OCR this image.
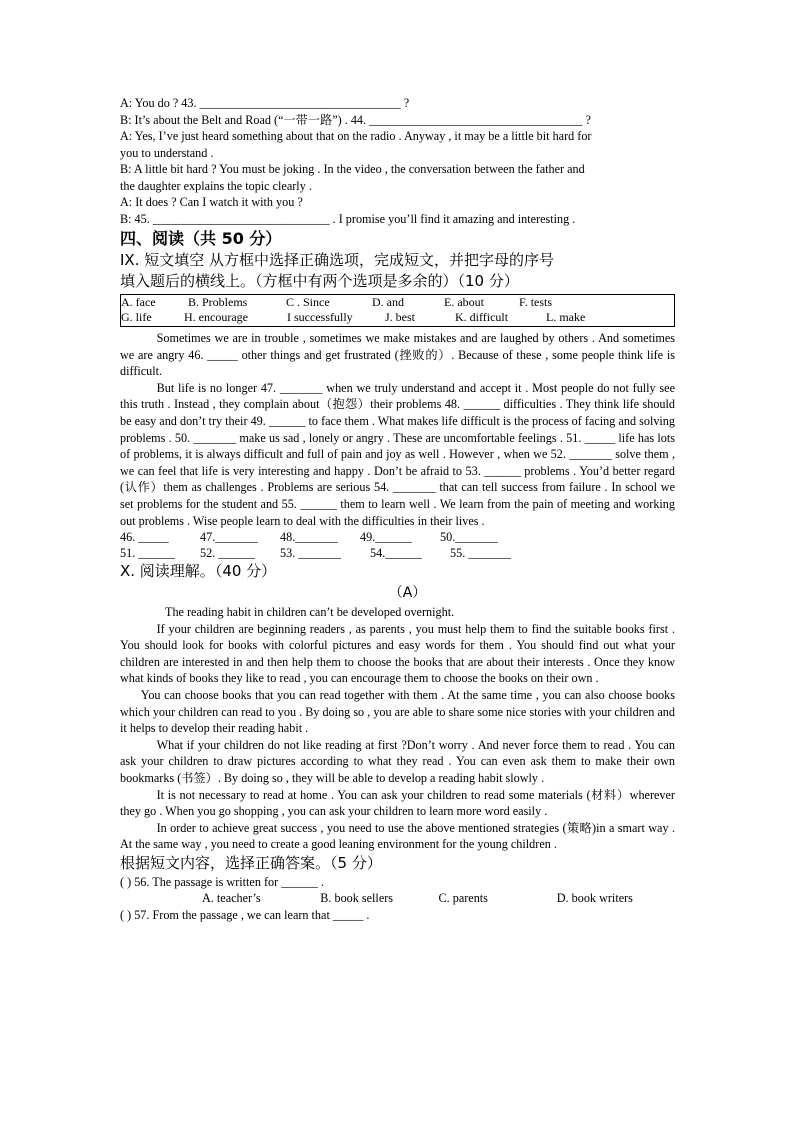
A: You do ? 43. _________________________________ ?
B: It’s about the Belt and Road (“一带一路”) . 44. ___________________________________ ?
A: Yes, I’ve just heard something about that on the radio . Anyway , it may be a little bit hard for
you to understand .
B: A little bit hard ? You must be joking . In the video , the conversation between the father and
the daughter explains the topic clearly .
A: It does ? Can I watch it with you ?
B: 45. _____________________________ . I promise you’ll find it amazing and interesting .
四、阅读（共 50 分）
IX. 短文填空 从方框中选择正确选项，完成短文，并把字母的序号
填入题后的横线上。（方框中有两个选项是多余的）（10 分）
A. face	B. Problems	C . Since	D. and	E. about	F. tests
G. life	H. encourage	I successfully	J. best	K. difficult	L. make
Sometimes we are in trouble , sometimes we make mistakes and are laughed by others . And sometimes we are angry 46. _____ other things and get frustrated (挫败的）. Because of these , some people think life is difficult.
But life is no longer 47. _______ when we truly understand and accept it . Most people do not fully see this truth . Instead , they complain about（抱怨）their problems 48. ______ difficulties . They think life should be easy and don’t try their 49. ______ to face them . What makes life difficult is the process of facing and solving problems . 50. _______ make us sad , lonely or angry . These are uncomfortable feelings . 51. _____ life has lots of problems, it is always difficult and full of pain and joy as well . However , when we 52. _______ solve them , we can feel that life is very interesting and happy . Don’t be afraid to 53. ______ problems . You’d better regard (认作）them as challenges . Problems are serious 54. _______ that can tell success from failure . In school we set problems for the student and 55. ______ them to learn well . We learn from the pain of meeting and working out problems . Wise people learn to deal with the difficulties in their lives .
46. _____	47._______	48._______	49.______	50._______
51. ______	52. ______	53. _______	54.______	55. _______
X. 阅读理解。（40 分）
（A）
The reading habit in children can’t be developed overnight.
If your children are beginning readers , as parents , you must help them to find the suitable books first . You should look for books with colorful pictures and easy words for them . You should find out what your children are interested in and then help them to choose the books that are about their interests . Once they know what kinds of books they like to read , you can encourage them to choose the books on their own .
You can choose books that you can read together with them . At the same time , you can also choose books which your children can read to you . By doing so , you are able to share some nice stories with your children and it helps to develop their reading habit .
What if your children do not like reading at first ?Don’t worry . And never force them to read . You can ask your children to draw pictures according to what they read . You can even ask them to make their own bookmarks (书签）. By doing so , they will be able to develop a reading habit slowly .
It is not necessary to read at home . You can ask your children to read some materials (材料）wherever they go . When you go shopping , you can ask your children to learn more word easily .
In order to achieve great success , you need to use the above mentioned strategies (策略)in a smart way . At the same way , you need to create a good leaning environment for the young children .
根据短文内容，选择正确答案。（5 分）
( ) 56. The passage is written for ______ .
A. teacher’s	B. book sellers	C. parents	D. book writers
( ) 57. From the passage , we can learn that _____ .
